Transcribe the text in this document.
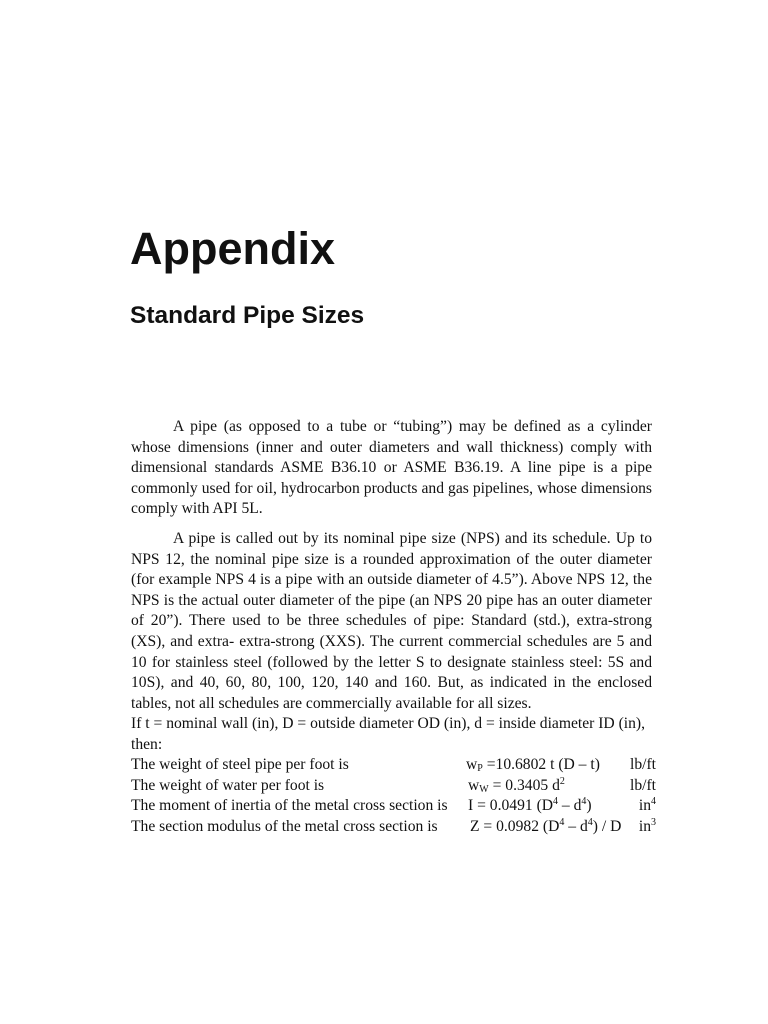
Appendix
Standard Pipe Sizes

A pipe (as opposed to a tube or “tubing”) may be defined as a cylinder whose dimensions (inner and outer diameters and wall thickness) comply with dimensional standards ASME B36.10 or ASME B36.19. A line pipe is a pipe commonly used for oil, hydrocarbon products and gas pipelines, whose dimensions comply with API 5L.

A pipe is called out by its nominal pipe size (NPS) and its schedule. Up to NPS 12, the nominal pipe size is a rounded approximation of the outer diameter (for example NPS 4 is a pipe with an outside diameter of 4.5”). Above NPS 12, the NPS is the actual outer diameter of the pipe (an NPS 20 pipe has an outer diameter of 20”). There used to be three schedules of pipe: Standard (std.), extra-strong (XS), and extra- extra-strong (XXS). The current commercial schedules are 5 and 10 for stainless steel (followed by the letter S to designate stainless steel: 5S and 10S), and 40, 60, 80, 100, 120, 140 and 160. But, as indicated in the enclosed tables, not all schedules are commercially available for all sizes.

If t = nominal wall (in), D = outside diameter OD (in), d = inside diameter ID (in),
then:
The weight of steel pipe per foot is	$w_P =10.6802$ t (D – t) lb/ft
The weight of water per foot is	$w_W = 0.3405$ $d^2$	lb/ft
The moment of inertia of the metal cross section is I = 0.0491 $(D^4 - d^4)$	$in^4$
The section modulus of the metal cross section is Z = 0.0982 $(D^4 - d^4)$ / D $in^3$
